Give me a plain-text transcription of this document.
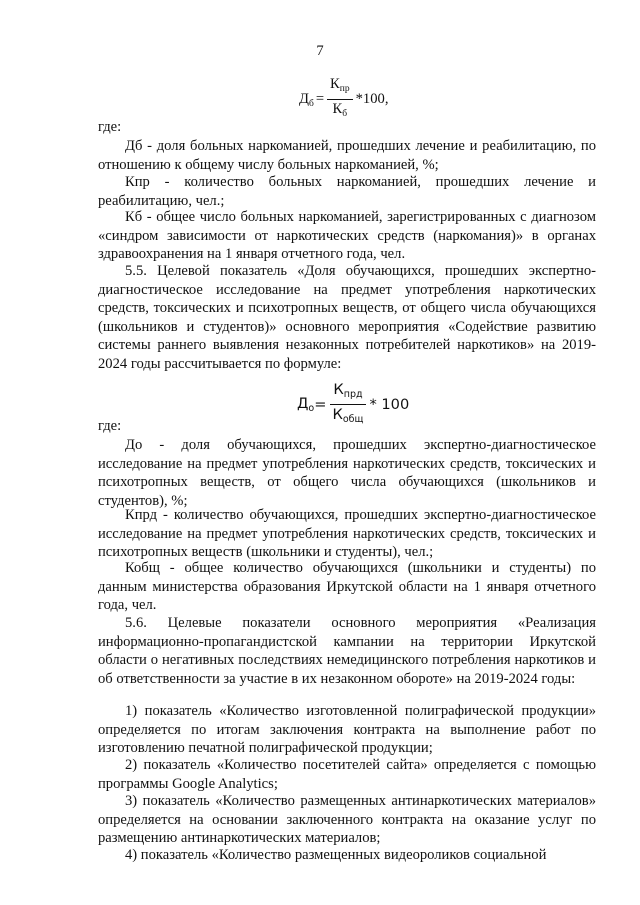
7
$Д_б = \frac{К_{пр}}{К_б} *100$,

где:

Дб - доля больных наркоманией, прошедших лечение и реабилитацию, по отношению к общему числу больных наркоманией, %;

Кпр - количество больных наркоманией, прошедших лечение и реабилитацию, чел.;

Кб - общее число больных наркоманией, зарегистрированных с диагнозом «синдром зависимости от наркотических средств (наркомания)» в органах здравоохранения на 1 января отчетного года, чел.

5.5. Целевой показатель «Доля обучающихся, прошедших экспертно-диагностическое исследование на предмет употребления наркотических средств, токсических и психотропных веществ, от общего числа обучающихся (школьников и студентов)» основного мероприятия «Содействие развитию системы раннего выявления незаконных потребителей наркотиков» на 2019-2024 годы рассчитывается по формуле:

$Д_о = \frac{К_{прд}}{К_{общ}} * 100$

где:

До - доля обучающихся, прошедших экспертно-диагностическое исследование на предмет употребления наркотических средств, токсических и психотропных веществ, от общего числа обучающихся (школьников и студентов), %;

Кпрд - количество обучающихся, прошедших экспертно-диагностическое исследование на предмет употребления наркотических средств, токсических и психотропных веществ (школьники и студенты), чел.;

Кобщ - общее количество обучающихся (школьники и студенты) по данным министерства образования Иркутской области на 1 января отчетного года, чел.

5.6. Целевые показатели основного мероприятия «Реализация информационно-пропагандистской кампании на территории Иркутской области о негативных последствиях немедицинского потребления наркотиков и об ответственности за участие в их незаконном обороте» на 2019-2024 годы:

1) показатель «Количество изготовленной полиграфической продукции» определяется по итогам заключения контракта на выполнение работ по изготовлению печатной полиграфической продукции;

2) показатель «Количество посетителей сайта» определяется с помощью программы Google Analytics;

3) показатель «Количество размещенных антинаркотических материалов» определяется на основании заключенного контракта на оказание услуг по размещению антинаркотических материалов;

4) показатель «Количество размещенных видеороликов социальной
